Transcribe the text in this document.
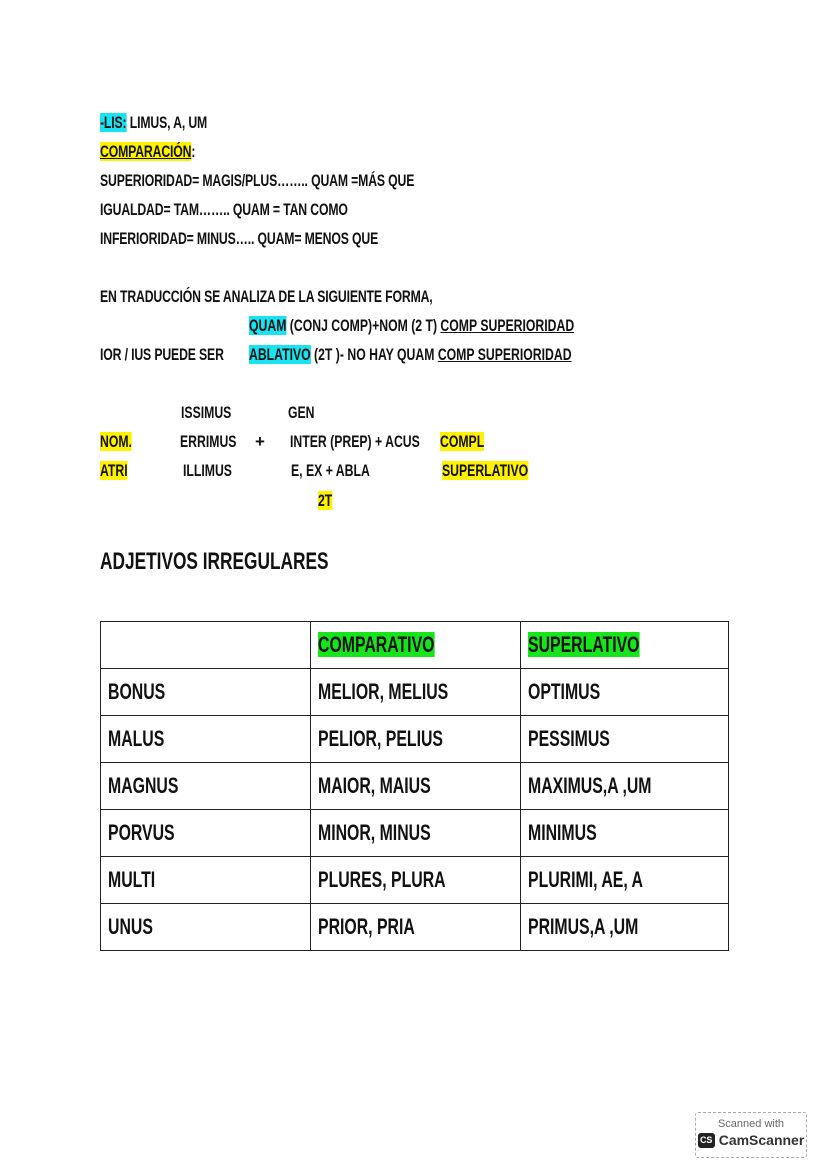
-LIS: LIMUS, A, UM
COMPARACIÓN:
SUPERIORIDAD= MAGIS/PLUS…….. QUAM =MÁS QUE
IGUALDAD= TAM…….. QUAM = TAN COMO
INFERIORIDAD= MINUS….. QUAM= MENOS QUE
EN TRADUCCIÓN SE ANALIZA DE LA SIGUIENTE FORMA,
QUAM (CONJ COMP)+NOM (2 T) COMP SUPERIORIDAD
IOR / IUS PUEDE SER	ABLATIVO (2T )- NO HAY QUAM COMP SUPERIORIDAD
ISSIMUS	GEN
NOM.	ERRIMUS	+ INTER (PREP) + ACUS	COMPL
ATRI	ILLIMUS	E, EX + ABLA	SUPERLATIVO
2T
ADJETIVOS IRREGULARES
	COMPARATIVO	SUPERLATIVO
BONUS	MELIOR, MELIUS	OPTIMUS
MALUS	PELIOR, PELIUS	PESSIMUS
MAGNUS	MAIOR, MAIUS	MAXIMUS,A ,UM
PORVUS	MINOR, MINUS	MINIMUS
MULTI	PLURES, PLURA	PLURIMI, AE, A
UNUS	PRIOR, PRIA	PRIMUS,A ,UM
Scanned with
CS CamScanner
